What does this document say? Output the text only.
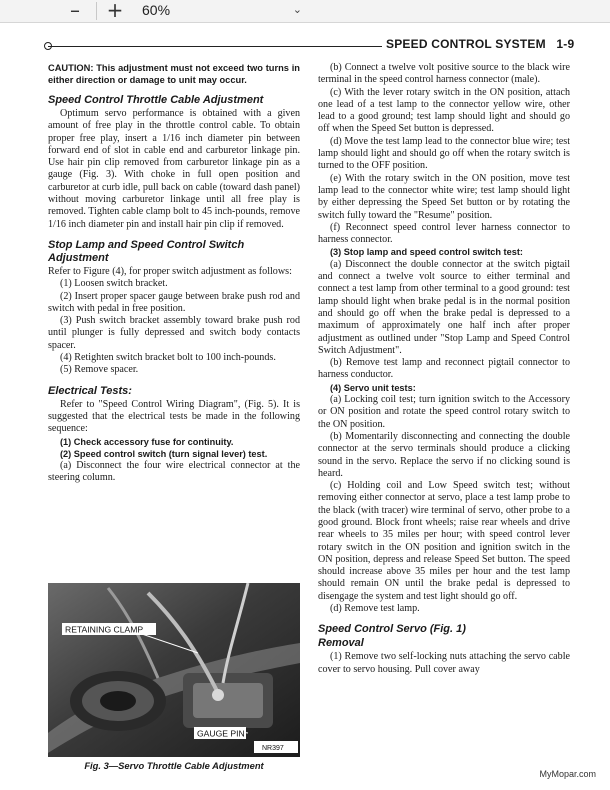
–	+ 60%	⌄
SPEED CONTROL SYSTEM   1-9

CAUTION: This adjustment must not exceed two turns in either direction or damage to unit may occur.

Speed Control Throttle Cable Adjustment

Optimum servo performance is obtained with a given amount of free play in the throttle control cable. To obtain proper free play, insert a 1/16 inch diameter pin between forward end of slot in cable end and carburetor linkage pin. Use hair pin clip removed from carburetor linkage pin as a gauge (Fig. 3). With choke in full open position and carburetor at curb idle, pull back on cable (toward dash panel) without moving carburetor linkage until all free play is removed. Tighten cable clamp bolt to 45 inch-pounds, remove 1/16 inch diameter pin and install hair pin clip if removed.

Stop Lamp and Speed Control Switch Adjustment

Refer to Figure (4), for proper switch adjustment as follows:

(1) Loosen switch bracket.

(2) Insert proper spacer gauge between brake push rod and switch with pedal in free position.

(3) Push switch bracket assembly toward brake push rod until plunger is fully depressed and switch body contacts spacer.

(4) Retighten switch bracket bolt to 100 inch-pounds.

(5) Remove spacer.

Electrical Tests:

Refer to "Speed Control Wiring Diagram", (Fig. 5). It is suggested that the electrical tests be made in the following sequence:

(1) Check accessory fuse for continuity.

(2) Speed control switch (turn signal lever) test.

(a) Disconnect the four wire electrical connector at the steering column.

RETAINING CLAMP
GAUGE PIN
NR397
Fig. 3—Servo Throttle Cable Adjustment

(b) Connect a twelve volt positive source to the black wire terminal in the speed control harness connector (male).

(c) With the lever rotary switch in the ON position, attach one lead of a test lamp to the connector yellow wire, other lead to a good ground; test lamp should light and should go off when the Speed Set button is depressed.

(d) Move the test lamp lead to the connector blue wire; test lamp should light and should go off when the rotary switch is turned to the OFF position.

(e) With the rotary switch in the ON position, move test lamp lead to the connector white wire; test lamp should light by either depressing the Speed Set button or by rotating the switch fully toward the "Resume" position.

(f) Reconnect speed control lever harness connector to harness connector.

(3) Stop lamp and speed control switch test:

(a) Disconnect the double connector at the switch pigtail and connect a twelve volt source to either terminal and connect a test lamp from other terminal to a good ground: test lamp should light when brake pedal is in the normal position and should go off when the brake pedal is depressed to a maximum of approximately one half inch after proper adjustment as outlined under "Stop Lamp and Speed Control Switch Adjustment".

(b) Remove test lamp and reconnect pigtail connector to harness conductor.

(4) Servo unit tests:

(a) Locking coil test; turn ignition switch to the Accessory or ON position and rotate the speed control rotary switch to the ON position.

(b) Momentarily disconnecting and connecting the double connector at the servo terminals should produce a clicking sound in the servo. Replace the servo if no clicking sound is heard.

(c) Holding coil and Low Speed switch test; without removing either connector at servo, place a test lamp probe to the black (with tracer) wire terminal of servo, other probe to a good ground. Block front wheels; raise rear wheels and drive rear wheels to 35 miles per hour; with speed control lever rotary switch in the ON position and ignition switch in the ON position, depress and release Speed Set button. The speed should increase above 35 miles per hour and the test lamp should remain ON until the brake pedal is depressed to disengage the system and test light should go off.

(d) Remove test lamp.

Speed Control Servo (Fig. 1)
Removal

(1) Remove two self-locking nuts attaching the servo cable cover to servo housing. Pull cover away

MyMopar.com
